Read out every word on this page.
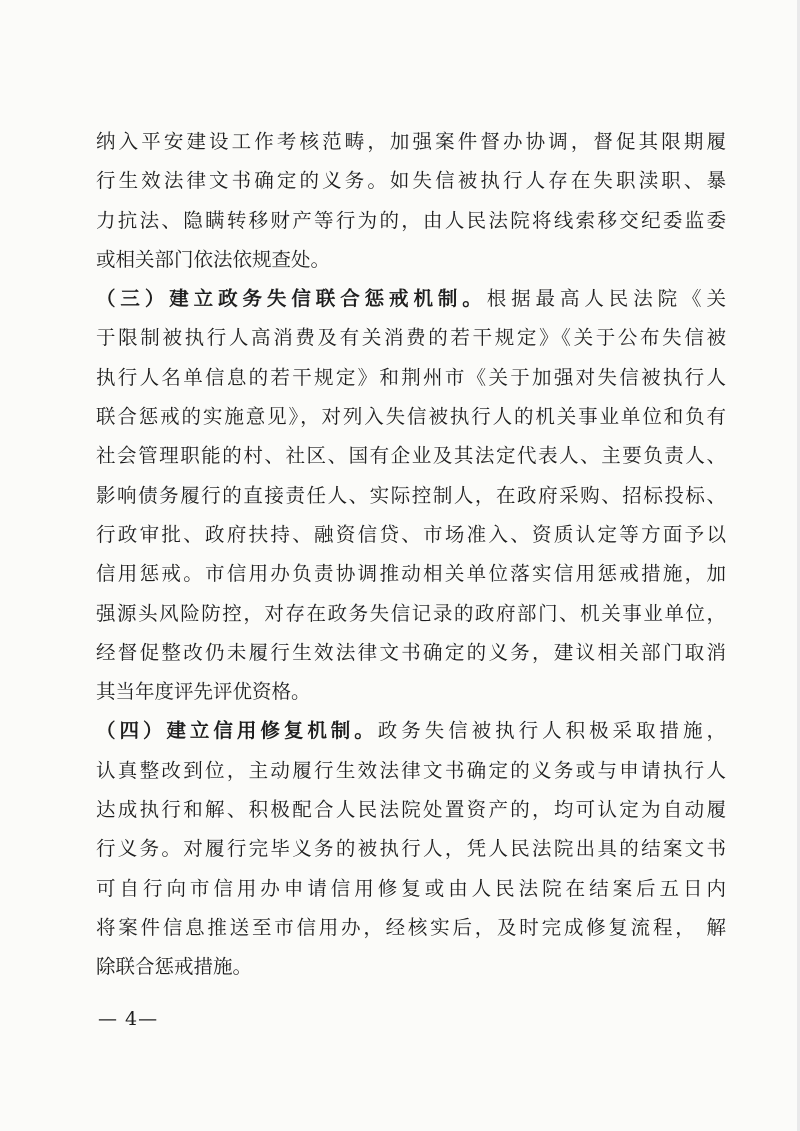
纳入平安建设工作考核范畴，加强案件督办协调，督促其限期履
行生效法律文书确定的义务。如失信被执行人存在失职渎职、暴
力抗法、隐瞒转移财产等行为的，由人民法院将线索移交纪委监委
或相关部门依法依规查处。
（三）建立政务失信联合惩戒机制。根据最高人民法院《关
于限制被执行人高消费及有关消费的若干规定》《关于公布失信被
执行人名单信息的若干规定》和荆州市《关于加强对失信被执行人
联合惩戒的实施意见》，对列入失信被执行人的机关事业单位和负有
社会管理职能的村、社区、国有企业及其法定代表人、主要负责人、
影响债务履行的直接责任人、实际控制人，在政府采购、招标投标、
行政审批、政府扶持、融资信贷、市场准入、资质认定等方面予以
信用惩戒。市信用办负责协调推动相关单位落实信用惩戒措施，加
强源头风险防控，对存在政务失信记录的政府部门、机关事业单位，
经督促整改仍未履行生效法律文书确定的义务，建议相关部门取消
其当年度评先评优资格。
（四）建立信用修复机制。政务失信被执行人积极采取措施，
认真整改到位，主动履行生效法律文书确定的义务或与申请执行人
达成执行和解、积极配合人民法院处置资产的，均可认定为自动履
行义务。对履行完毕义务的被执行人，凭人民法院出具的结案文书
可自行向市信用办申请信用修复或由人民法院在结案后五日内
将案件信息推送至市信用办，经核实后，及时完成修复流程， 解
除联合惩戒措施。
— 4—
